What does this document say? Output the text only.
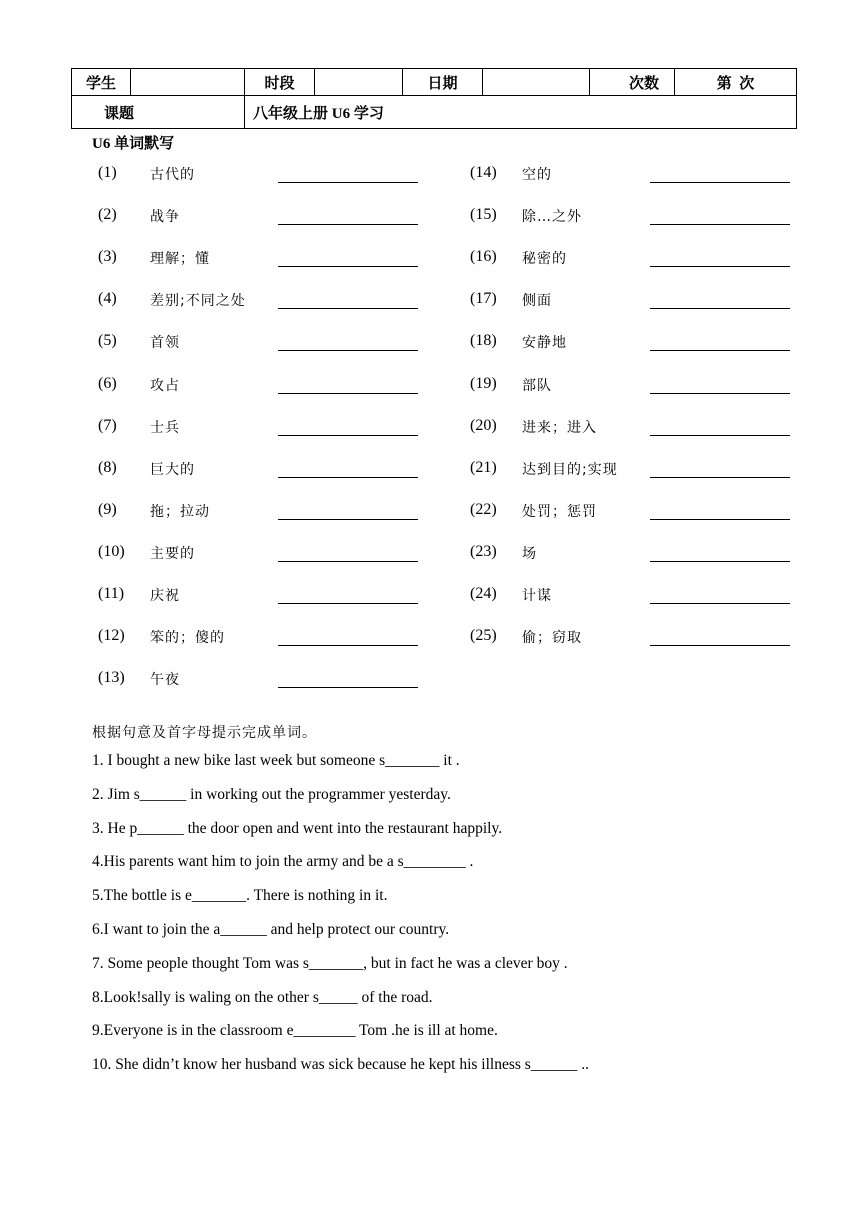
学生		时段		日期		次数	第  次
课题		八年级上册 U6 学习					
U6 单词默写
(1) 古代的
(2) 战争
(3) 理解；懂
(4) 差别;不同之处
(5) 首领
(6) 攻占
(7) 士兵
(8) 巨大的
(9) 拖；拉动
(10) 主要的
(11) 庆祝
(12) 笨的；傻的
(13) 午夜
(14) 空的
(15) 除…之外
(16) 秘密的
(17) 侧面
(18) 安静地
(19) 部队
(20) 进来；进入
(21) 达到目的;实现
(22) 处罚；惩罚
(23) 场
(24) 计谋
(25) 偷；窃取
根据句意及首字母提示完成单词。
1. I bought a new bike last week but someone s_______ it .
2. Jim s______ in working out the programmer yesterday.
3. He p______ the door open and went into the restaurant happily.
4.His parents want him to join the army and be a s________ .
5.The bottle is e_______. There is nothing in it.
6.I want to join the a______ and help protect our country.
7. Some people thought Tom was s_______, but in fact he was a clever boy .
8.Look!sally is waling on the other s_____ of the road.
9.Everyone is in the classroom e________ Tom .he is ill at home.
10. She didn’t know her husband was sick because he kept his illness s______ ..
